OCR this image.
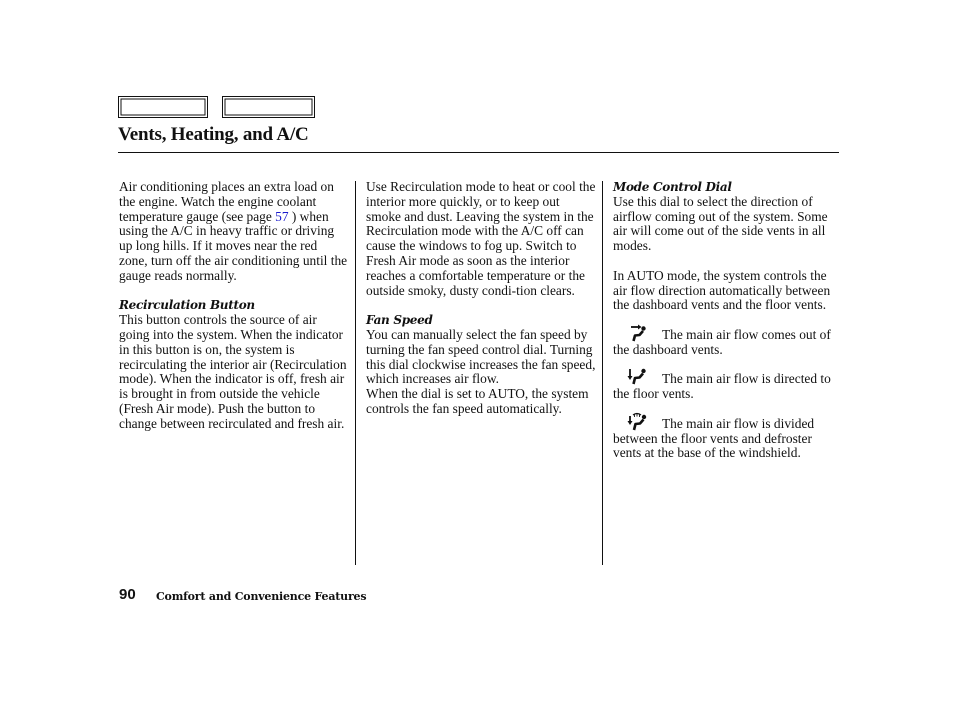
Vents, Heating, and A/C

Air conditioning places an extra load on the engine. Watch the engine coolant temperature gauge (see page 57 ) when using the A/C in heavy traffic or driving up long hills. If it moves near the red zone, turn off the air conditioning until the gauge reads normally.

Recirculation Button

This button controls the source of air going into the system. When the indicator in this button is on, the system is recirculating the interior air (Recirculation mode). When the indicator is off, fresh air is brought in from outside the vehicle (Fresh Air mode). Push the button to change between recirculated and fresh air.

Use Recirculation mode to heat or cool the interior more quickly, or to keep out smoke and dust. Leaving the system in the Recirculation mode with the A/C off can cause the windows to fog up. Switch to Fresh Air mode as soon as the interior reaches a comfortable temperature or the outside smoky, dusty condi-tion clears.

Fan Speed

You can manually select the fan speed by turning the fan speed control dial. Turning this dial clockwise increases the fan speed, which increases air flow.

When the dial is set to AUTO, the system controls the fan speed automatically.

Mode Control Dial

Use this dial to select the direction of airflow coming out of the system. Some air will come out of the side vents in all modes.

In AUTO mode, the system controls the air flow direction automatically between the dashboard vents and the floor vents.

The main air flow comes out of the dashboard vents.

The main air flow is directed to the floor vents.

The main air flow is divided between the floor vents and defroster vents at the base of the windshield.

90 Comfort and Convenience Features
